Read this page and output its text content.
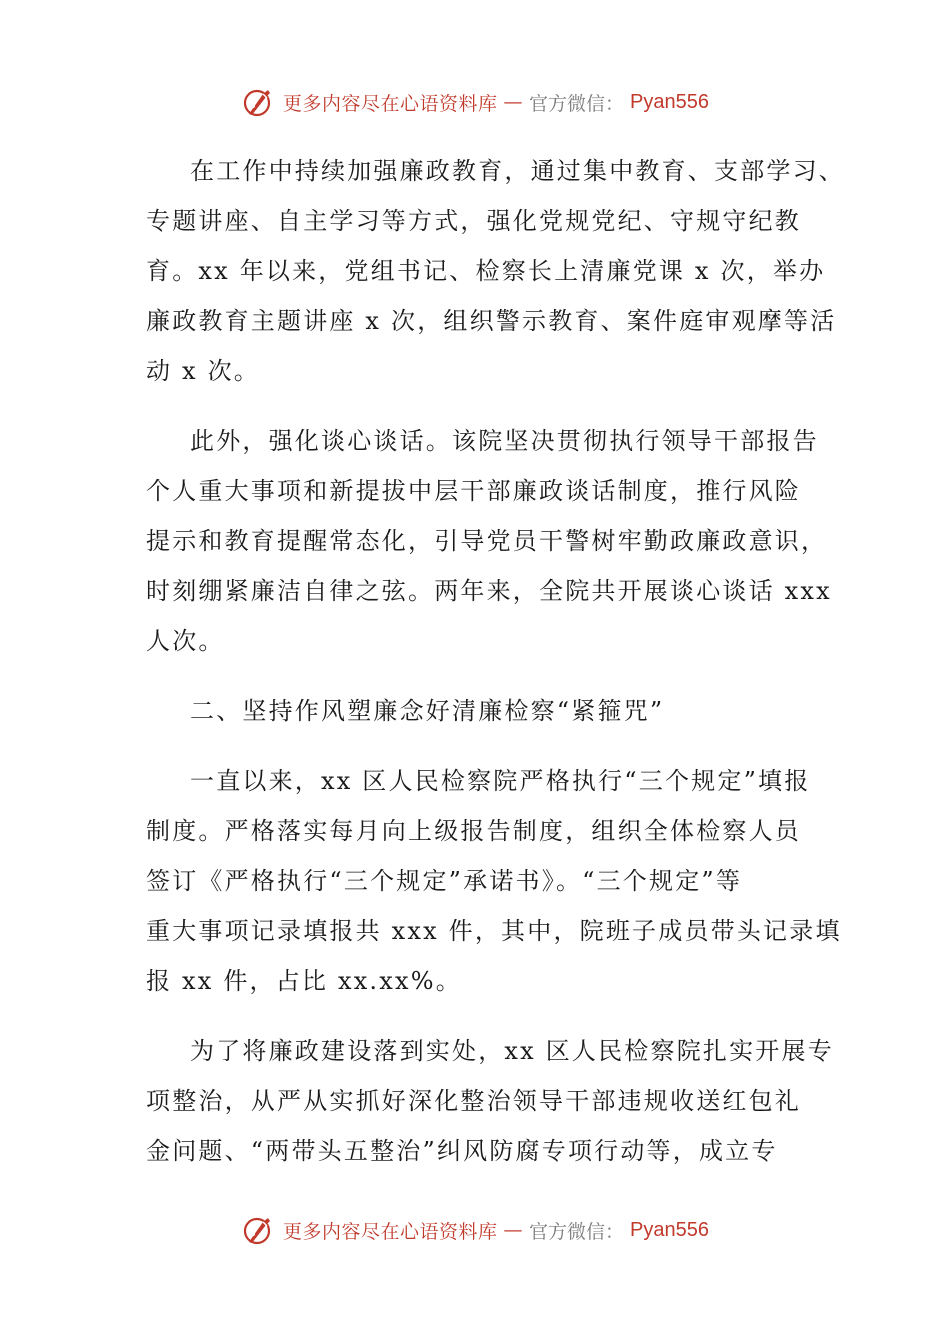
更多内容尽在心语资料库 — 官方微信： Pyan556
在工作中持续加强廉政教育，通过集中教育、支部学习、
专题讲座、自主学习等方式，强化党规党纪、守规守纪教
育。xx 年以来，党组书记、检察长上清廉党课 x 次，举办
廉政教育主题讲座 x 次，组织警示教育、案件庭审观摩等活
动 x 次。
此外，强化谈心谈话。该院坚决贯彻执行领导干部报告
个人重大事项和新提拔中层干部廉政谈话制度，推行风险
提示和教育提醒常态化，引导党员干警树牢勤政廉政意识，
时刻绷紧廉洁自律之弦。两年来，全院共开展谈心谈话 xxx
人次。
二、坚持作风塑廉念好清廉检察“紧箍咒”
一直以来，xx 区人民检察院严格执行“三个规定”填报
制度。严格落实每月向上级报告制度，组织全体检察人员
签订《严格执行“三个规定”承诺书》。“三个规定”等
重大事项记录填报共 xxx 件，其中，院班子成员带头记录填
报 xx 件，占比 xx.xx%。
为了将廉政建设落到实处，xx 区人民检察院扎实开展专
项整治，从严从实抓好深化整治领导干部违规收送红包礼
金问题、“两带头五整治”纠风防腐专项行动等，成立专
更多内容尽在心语资料库 — 官方微信： Pyan556
